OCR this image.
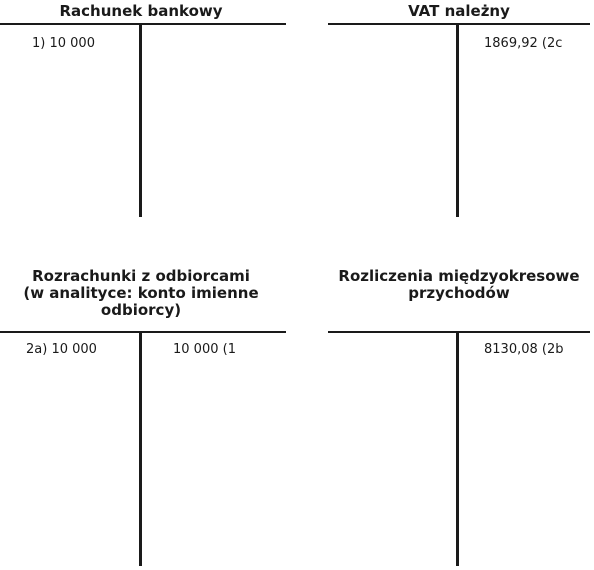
Rachunek bankowy
1) 10 000
VAT należny
1869,92 (2c
Rozrachunki z odbiorcami
(w analityce: konto imienne
odbiorcy)
2a) 10 000	10 000 (1
Rozliczenia międzyokresowe
przychodów
8130,08 (2b
